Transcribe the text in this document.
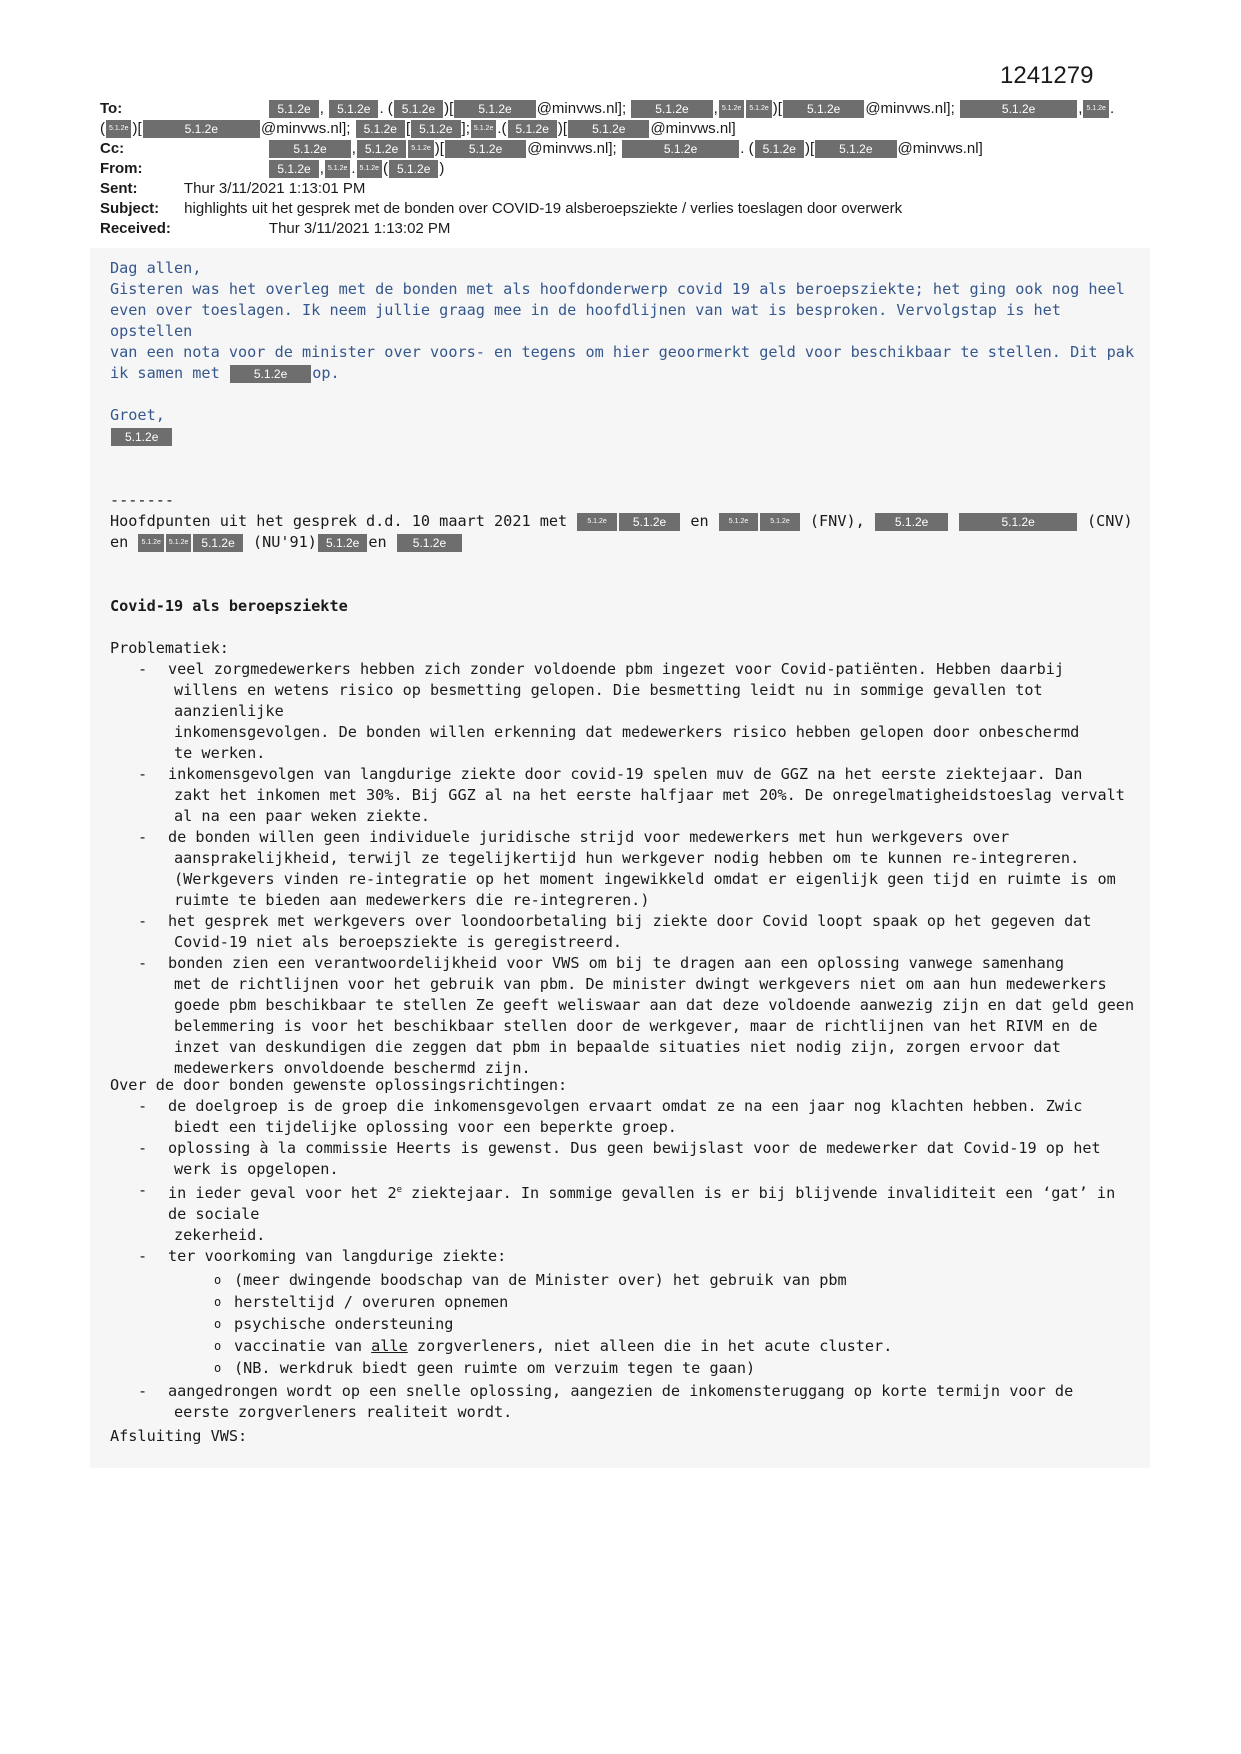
1241279
To:	5.1.2e , 5.1.2e . ( 5.1.2e )[ 5.1.2e @minvws.nl]; 5.1.2e , 5.1.2e 5.1.2e )[ 5.1.2e @minvws.nl];	5.1.2e	, 5.1.2e .
( 5.1.2e )[	5.1.2e	@minvws.nl]; 5.1.2e [ 5.1.2e ]; 5.1.2e .( 5.1.2e )[ 5.1.2e @minvws.nl]
Cc:	5.1.2e , 5.1.2e 5.1.2e )[ 5.1.2e @minvws.nl];	5.1.2e	. ( 5.1.2e )[ 5.1.2e @minvws.nl]
From:	5.1.2e , 5.1.2e . 5.1.2e ( 5.1.2e )
Sent:	Thur 3/11/2021 1:13:01 PM
Subject: highlights uit het gesprek met de bonden over COVID-19 alsberoepsziekte / verlies toeslagen door overwerk
Received:	Thur 3/11/2021 1:13:02 PM
Dag allen,
Gisteren was het overleg met de bonden met als hoofdonderwerp covid 19 als beroepsziekte; het ging ook nog heel
even over toeslagen. Ik neem jullie graag mee in de hoofdlijnen van wat is besproken. Vervolgstap is het opstellen
van een nota voor de minister over voors- en tegens om hier geoormerkt geld voor beschikbaar te stellen. Dit pak
ik samen met	5.1.2e op.
Groet,
5.1.2e
-------
Hoofdpunten uit het gesprek d.d. 10 maart 2021 met	5.1.2e 5.1.2e en	5.1.2e	5.1.2e (FNV),	5.1.2e	5.1.2e	(CNV)
en 5.1.2e 5.1.2e 5.1.2e (NU'91) 5.1.2e en 5.1.2e
Covid-19 als beroepsziekte
Problematiek:
- veel zorgmedewerkers hebben zich zonder voldoende pbm ingezet voor Covid-patiënten. Hebben daarbij
willens en wetens risico op besmetting gelopen. Die besmetting leidt nu in sommige gevallen tot aanzienlijke
inkomensgevolgen. De bonden willen erkenning dat medewerkers risico hebben gelopen door onbeschermd
te werken.
- inkomensgevolgen van langdurige ziekte door covid-19 spelen muv de GGZ na het eerste ziektejaar. Dan
zakt het inkomen met 30%. Bij GGZ al na het eerste halfjaar met 20%. De onregelmatigheidstoeslag vervalt
al na een paar weken ziekte.
- de bonden willen geen individuele juridische strijd voor medewerkers met hun werkgevers over
aansprakelijkheid, terwijl ze tegelijkertijd hun werkgever nodig hebben om te kunnen re-integreren.
(Werkgevers vinden re-integratie op het moment ingewikkeld omdat er eigenlijk geen tijd en ruimte is om
ruimte te bieden aan medewerkers die re-integreren.)
- het gesprek met werkgevers over loondoorbetaling bij ziekte door Covid loopt spaak op het gegeven dat
Covid-19 niet als beroepsziekte is geregistreerd.
- bonden zien een verantwoordelijkheid voor VWS om bij te dragen aan een oplossing vanwege samenhang
met de richtlijnen voor het gebruik van pbm. De minister dwingt werkgevers niet om aan hun medewerkers
goede pbm beschikbaar te stellen Ze geeft weliswaar aan dat deze voldoende aanwezig zijn en dat geld geen
belemmering is voor het beschikbaar stellen door de werkgever, maar de richtlijnen van het RIVM en de
inzet van deskundigen die zeggen dat pbm in bepaalde situaties niet nodig zijn, zorgen ervoor dat
medewerkers onvoldoende beschermd zijn.
Over de door bonden gewenste oplossingsrichtingen:
- de doelgroep is de groep die inkomensgevolgen ervaart omdat ze na een jaar nog klachten hebben. Zwic
biedt een tijdelijke oplossing voor een beperkte groep.
- oplossing à la commissie Heerts is gewenst. Dus geen bewijslast voor de medewerker dat Covid-19 op het
werk is opgelopen.
- in ieder geval voor het 2e ziektejaar. In sommige gevallen is er bij blijvende invaliditeit een ‘gat’ in de sociale
zekerheid.
- ter voorkoming van langdurige ziekte:
o (meer dwingende boodschap van de Minister over) het gebruik van pbm
o hersteltijd / overuren opnemen
o psychische ondersteuning
o vaccinatie van alle zorgverleners, niet alleen die in het acute cluster.
o (NB. werkdruk biedt geen ruimte om verzuim tegen te gaan)
- aangedrongen wordt op een snelle oplossing, aangezien de inkomensteruggang op korte termijn voor de
eerste zorgverleners realiteit wordt.
Afsluiting VWS:
